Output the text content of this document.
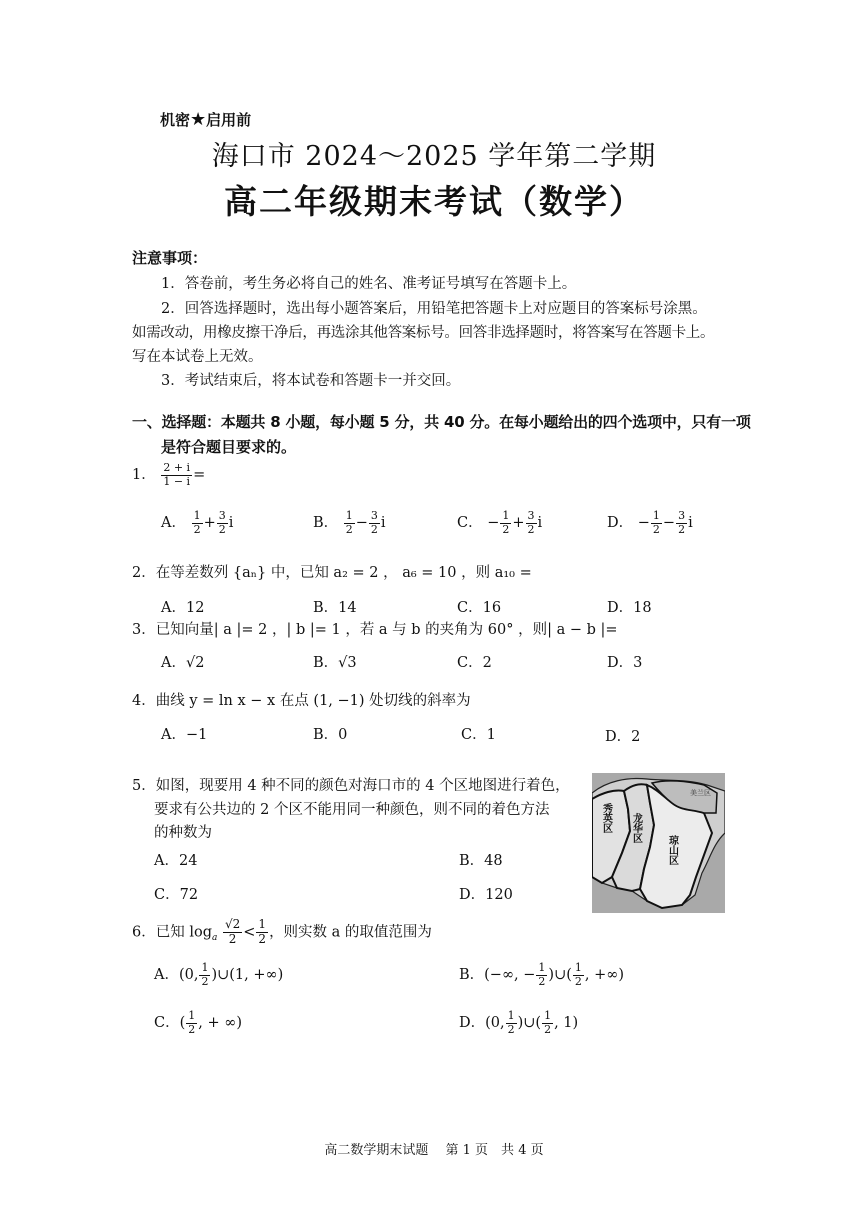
机密★启用前
海口市 2024～2025 学年第二学期
高二年级期末考试（数学）
注意事项：
1．答卷前，考生务必将自己的姓名、准考证号填写在答题卡上。
2．回答选择题时，选出每小题答案后，用铅笔把答题卡上对应题目的答案标号涂黑。
如需改动，用橡皮擦干净后，再选涂其他答案标号。回答非选择题时，将答案写在答题卡上。
写在本试卷上无效。
3．考试结束后，将本试卷和答题卡一并交回。
一、选择题：本题共 8 小题，每小题 5 分，共 40 分。在每小题给出的四个选项中，只有一项
是符合题目要求的。
1． $\frac{2 + i}{1 - i}$ =
A． $\frac{1}{2} + \frac{3}{2}$ i	B． $\frac{1}{2} - \frac{3}{2}$ i	C． − $\frac{1}{2} + \frac{3}{2}$ i	D． − $\frac{1}{2} - \frac{3}{2}$ i
2．在等差数列 {aₙ} 中，已知 a₂ = 2 ， a₆ = 10 ，则 a₁₀ =
A．12	B．14	C．16	D．18
3．已知向量| a |= 2 ，| b |= 1 ，若 a 与 b 的夹角为 60° ，则| a − b |=
A．√2	B．√3	C．2	D．3
4．曲线 y = ln x − x 在点 (1, −1) 处切线的斜率为
A．−1	B．0	C．1	D．2
5．如图，现要用 4 种不同的颜色对海口市的 4 个区地图进行着色，
要求有公共边的 2 个区不能用同一种颜色，则不同的着色方法
的种数为
A．24	B．48
C．72	D．120
秀英区 龙华区
琼山区
美兰区
6．已知 $\log_a \frac{√2}{2} < \frac{1}{2}$ ，则实数 a 的取值范围为
A．(0, $\frac{1}{2}$ )∪(1, +∞)	B．(−∞, − $\frac{1}{2}$ )∪( $\frac{1}{2}$ , +∞)
C．( $\frac{1}{2}$ , + ∞)	D．(0, $\frac{1}{2}$ )∪( $\frac{1}{2}$ , 1)
高二数学期末试题　 第 1 页　共 4 页
